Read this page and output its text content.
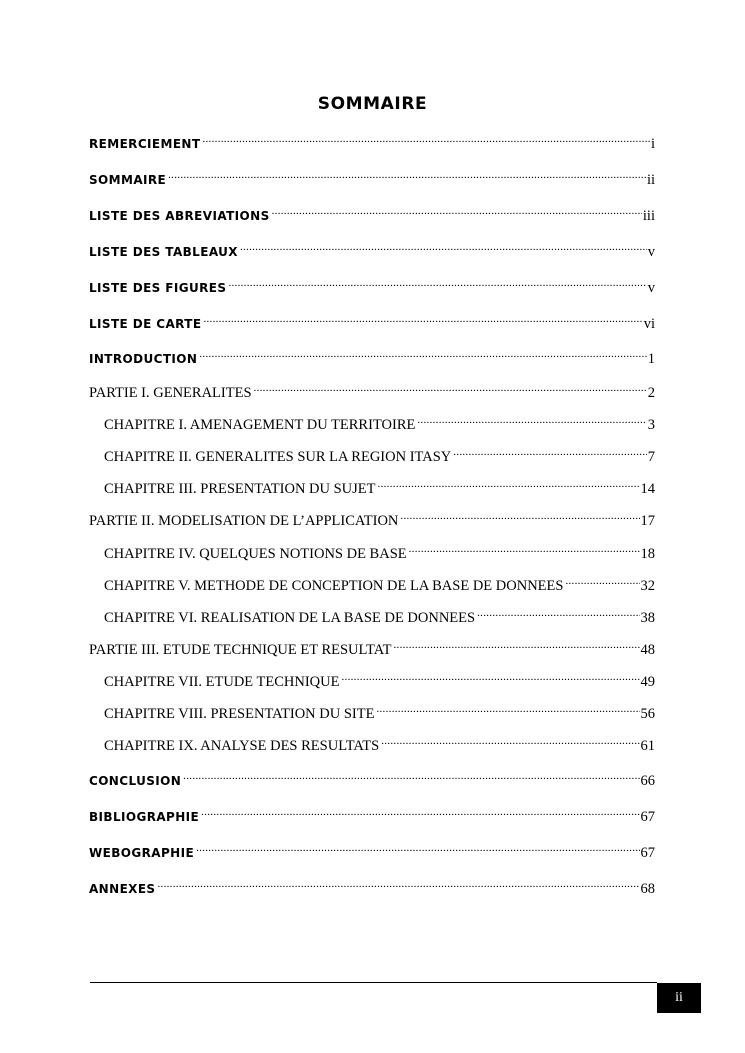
SOMMAIRE
REMERCIEMENT .....	i
SOMMAIRE .....	ii
LISTE DES ABREVIATIONS .....	iii
LISTE DES TABLEAUX .....	v
LISTE DES FIGURES .....	v
LISTE DE CARTE .....	vi
INTRODUCTION .....	1
PARTIE I. GENERALITES .....	2
CHAPITRE I. AMENAGEMENT DU TERRITOIRE .....	3
CHAPITRE II. GENERALITES SUR LA REGION ITASY .....	7
CHAPITRE III. PRESENTATION DU SUJET .....	14
PARTIE II. MODELISATION DE L’APPLICATION .....	17
CHAPITRE IV. QUELQUES NOTIONS DE BASE .....	18
CHAPITRE V. METHODE DE CONCEPTION DE LA BASE DE DONNEES .....	32
CHAPITRE VI. REALISATION DE LA BASE DE DONNEES .....	38
PARTIE III. ETUDE TECHNIQUE ET RESULTAT .....	48
CHAPITRE VII. ETUDE TECHNIQUE .....	49
CHAPITRE VIII. PRESENTATION DU SITE .....	56
CHAPITRE IX. ANALYSE DES RESULTATS .....	61
CONCLUSION .....	66
BIBLIOGRAPHIE .....	67
WEBOGRAPHIE .....	67
ANNEXES .....	68
ii
